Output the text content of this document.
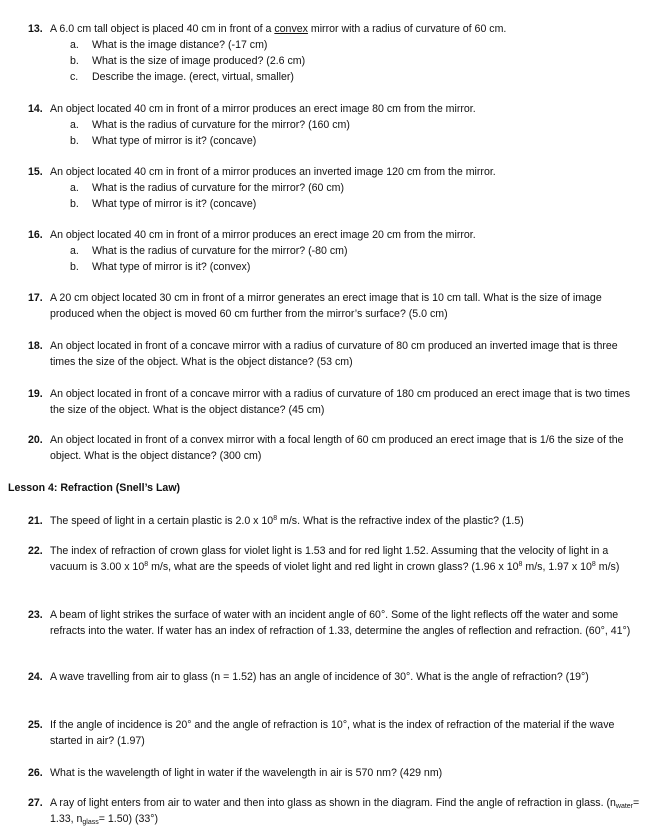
13. A 6.0 cm tall object is placed 40 cm in front of a convex mirror with a radius of curvature of 60 cm.
a.	What is the image distance? (-17 cm)
b.	What is the size of image produced? (2.6 cm)
c.	Describe the image. (erect, virtual, smaller)
14. An object located 40 cm in front of a mirror produces an erect image 80 cm from the mirror.
a.	What is the radius of curvature for the mirror? (160 cm)
b.	What type of mirror is it? (concave)
15. An object located 40 cm in front of a mirror produces an inverted image 120 cm from the mirror.
a.	What is the radius of curvature for the mirror? (60 cm)
b.	What type of mirror is it? (concave)
16. An object located 40 cm in front of a mirror produces an erect image 20 cm from the mirror.
a.	What is the radius of curvature for the mirror? (-80 cm)
b.	What type of mirror is it? (convex)
17. A 20 cm object located 30 cm in front of a mirror generates an erect image that is 10 cm tall. What is the size of image produced when the object is moved 60 cm further from the mirror’s surface? (5.0 cm)
18. An object located in front of a concave mirror with a radius of curvature of 80 cm produced an inverted image that is three times the size of the object. What is the object distance? (53 cm)
19. An object located in front of a concave mirror with a radius of curvature of 180 cm produced an erect image that is two times the size of the object. What is the object distance? (45 cm)
20. An object located in front of a convex mirror with a focal length of 60 cm produced an erect image that is 1/6 the size of the object. What is the object distance? (300 cm)
Lesson 4: Refraction (Snell’s Law)
21. The speed of light in a certain plastic is 2.0 x $10^8$ m/s. What is the refractive index of the plastic? (1.5)
22. The index of refraction of crown glass for violet light is 1.53 and for red light 1.52. Assuming that the velocity of light in a vacuum is 3.00 x $10^8$ m/s, what are the speeds of violet light and red light in crown glass? (1.96 x $10^8$ m/s, 1.97 x $10^8$ m/s)
23. A beam of light strikes the surface of water with an incident angle of 60°. Some of the light reflects off the water and some refracts into the water. If water has an index of refraction of 1.33, determine the angles of reflection and refraction. (60°, 41°)
24. A wave travelling from air to glass (n = 1.52) has an angle of incidence of 30°. What is the angle of refraction? (19°)
25. If the angle of incidence is 20° and the angle of refraction is 10°, what is the index of refraction of the material if the wave started in air? (1.97)
26. What is the wavelength of light in water if the wavelength in air is 570 nm? (429 nm)
27. A ray of light enters from air to water and then into glass as shown in the diagram. Find the angle of refraction in glass. ($n_{water}= 1.33$, $n_{glass}= 1.50$) (33°)
